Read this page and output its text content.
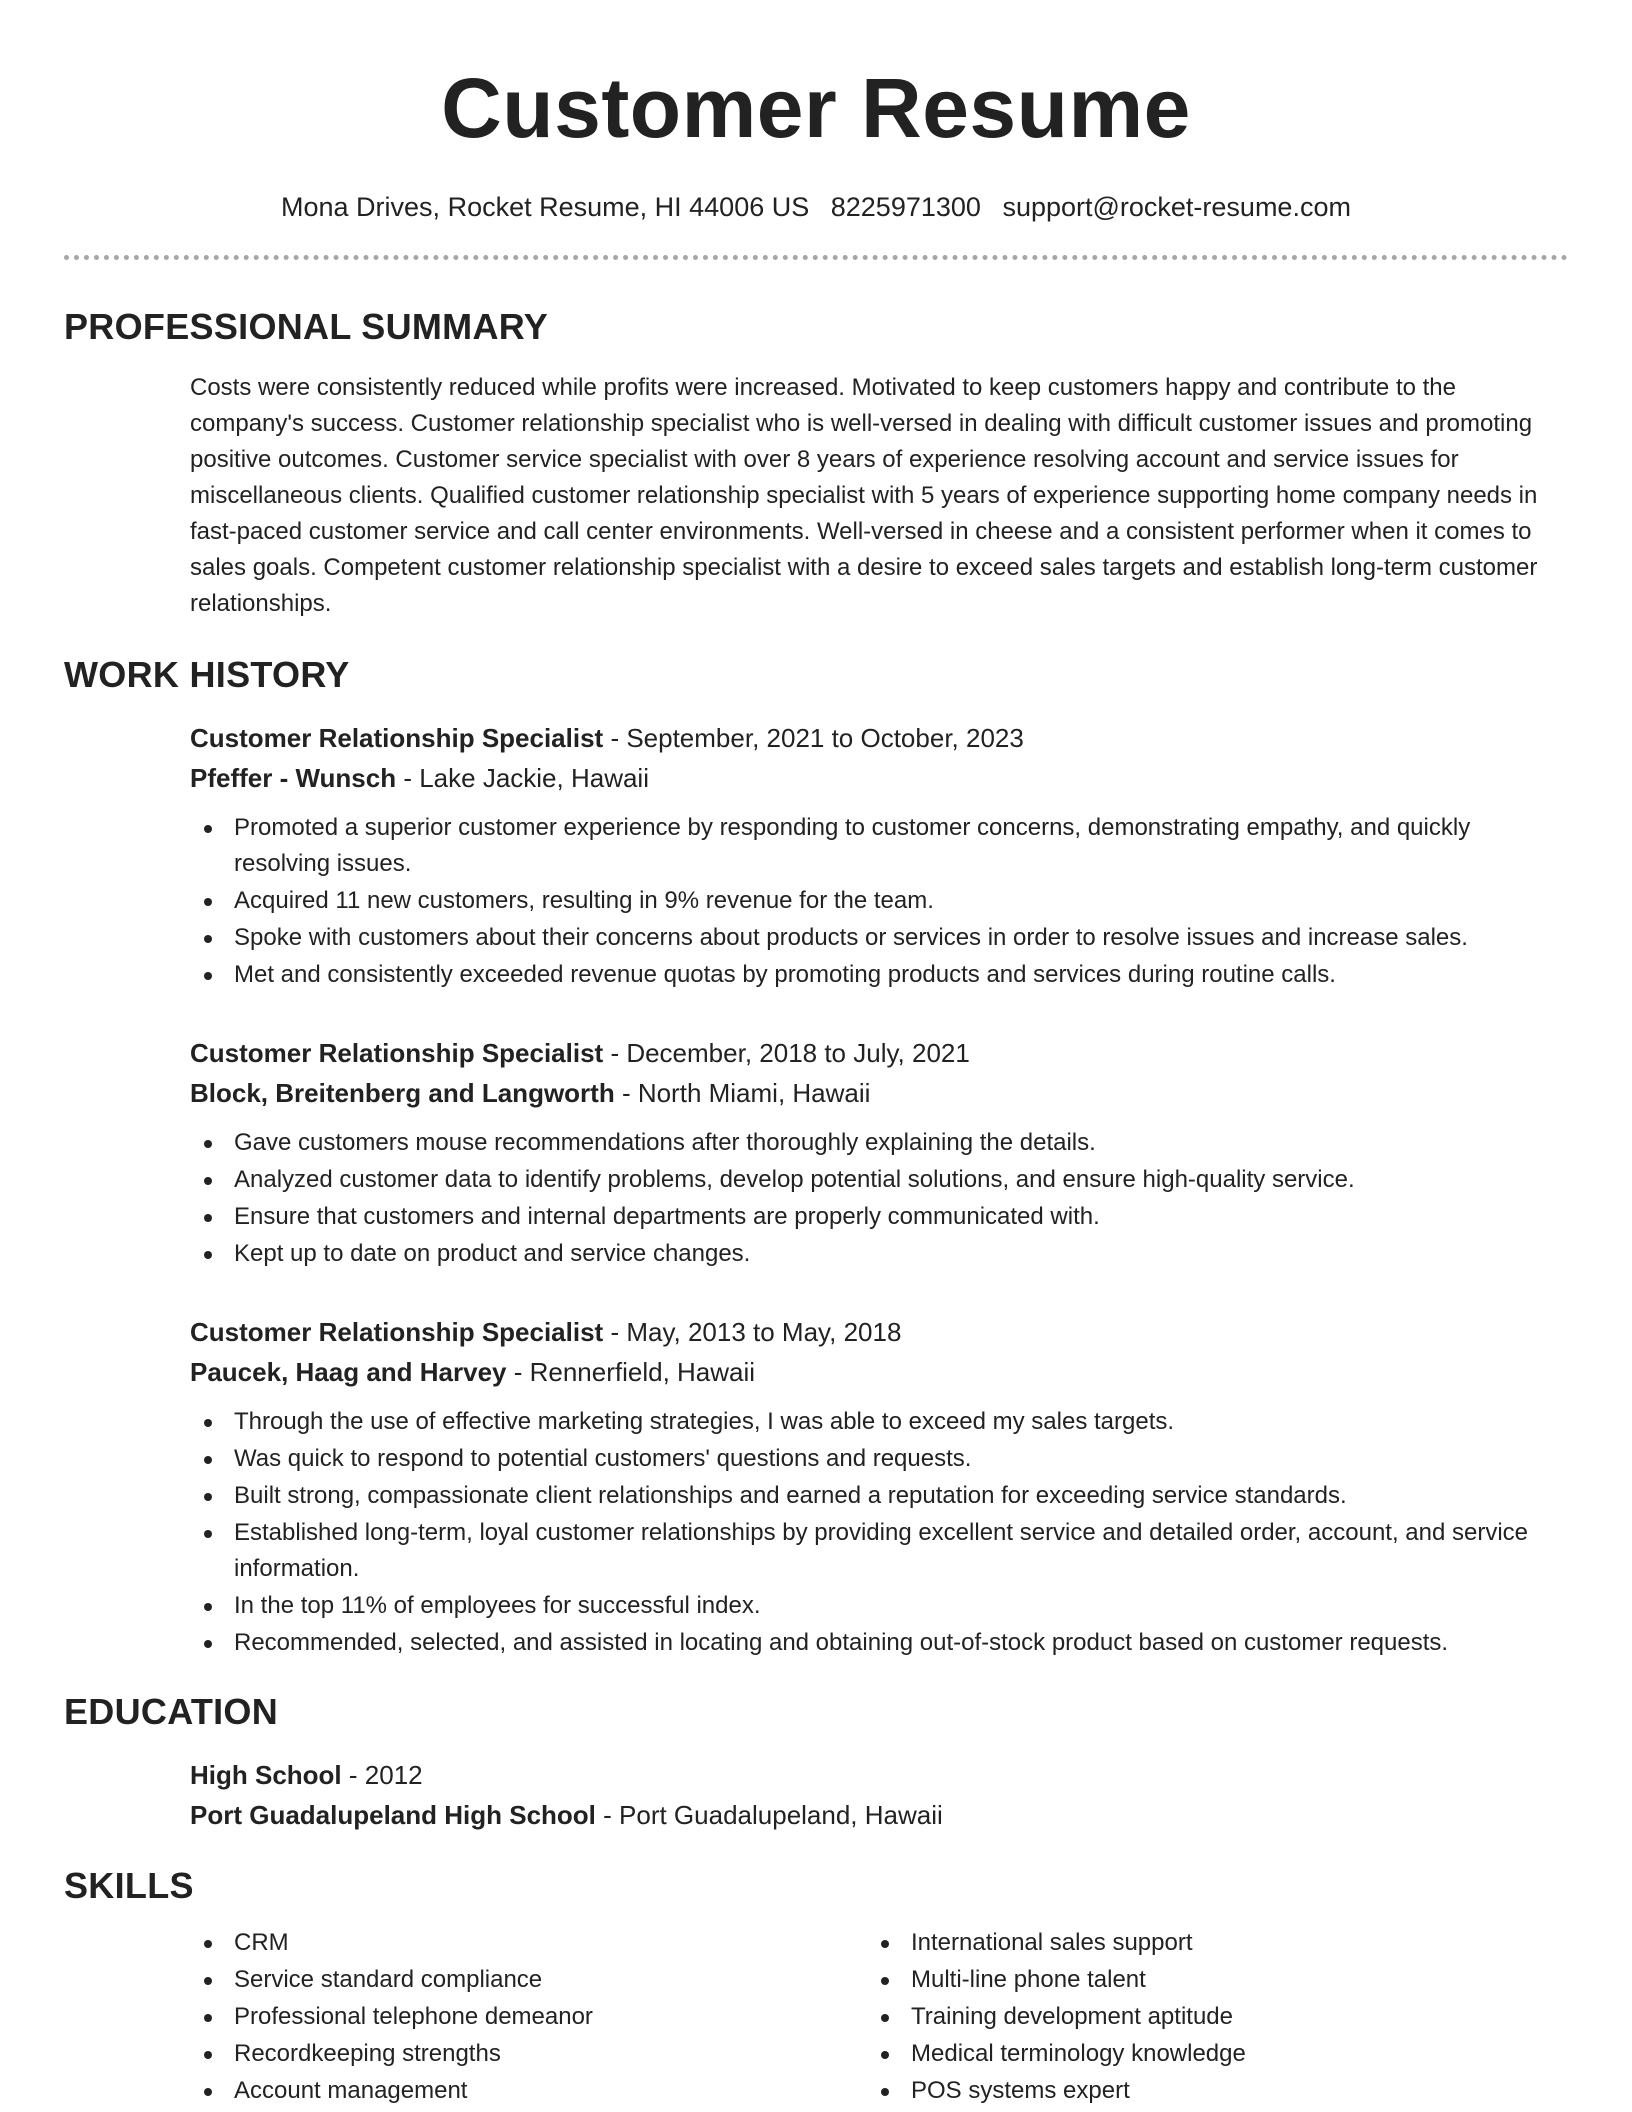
Customer Resume
Mona Drives, Rocket Resume, HI 44006 US 8225971300 support@rocket-resume.com
PROFESSIONAL SUMMARY

Costs were consistently reduced while profits were increased. Motivated to keep customers happy and contribute to the company's success. Customer relationship specialist who is well-versed in dealing with difficult customer issues and promoting positive outcomes. Customer service specialist with over 8 years of experience resolving account and service issues for miscellaneous clients. Qualified customer relationship specialist with 5 years of experience supporting home company needs in fast-paced customer service and call center environments. Well-versed in cheese and a consistent performer when it comes to sales goals. Competent customer relationship specialist with a desire to exceed sales targets and establish long-term customer relationships.

WORK HISTORY
Customer Relationship Specialist - September, 2021 to October, 2023
Pfeffer - Wunsch - Lake Jackie, Hawaii
Promoted a superior customer experience by responding to customer concerns, demonstrating empathy, and quickly resolving issues.
Acquired 11 new customers, resulting in 9% revenue for the team.
Spoke with customers about their concerns about products or services in order to resolve issues and increase sales.
Met and consistently exceeded revenue quotas by promoting products and services during routine calls.
Customer Relationship Specialist - December, 2018 to July, 2021
Block, Breitenberg and Langworth - North Miami, Hawaii
Gave customers mouse recommendations after thoroughly explaining the details.
Analyzed customer data to identify problems, develop potential solutions, and ensure high-quality service.
Ensure that customers and internal departments are properly communicated with.
Kept up to date on product and service changes.
Customer Relationship Specialist - May, 2013 to May, 2018
Paucek, Haag and Harvey - Rennerfield, Hawaii
Through the use of effective marketing strategies, I was able to exceed my sales targets.
Was quick to respond to potential customers' questions and requests.
Built strong, compassionate client relationships and earned a reputation for exceeding service standards.
Established long-term, loyal customer relationships by providing excellent service and detailed order, account, and service information.
In the top 11% of employees for successful index.
Recommended, selected, and assisted in locating and obtaining out-of-stock product based on customer requests.
EDUCATION
High School - 2012
Port Guadalupeland High School - Port Guadalupeland, Hawaii
SKILLS
CRM
Service standard compliance
Professional telephone demeanor
Recordkeeping strengths
Account management
International sales support
Multi-line phone talent
Training development aptitude
Medical terminology knowledge
POS systems expert
